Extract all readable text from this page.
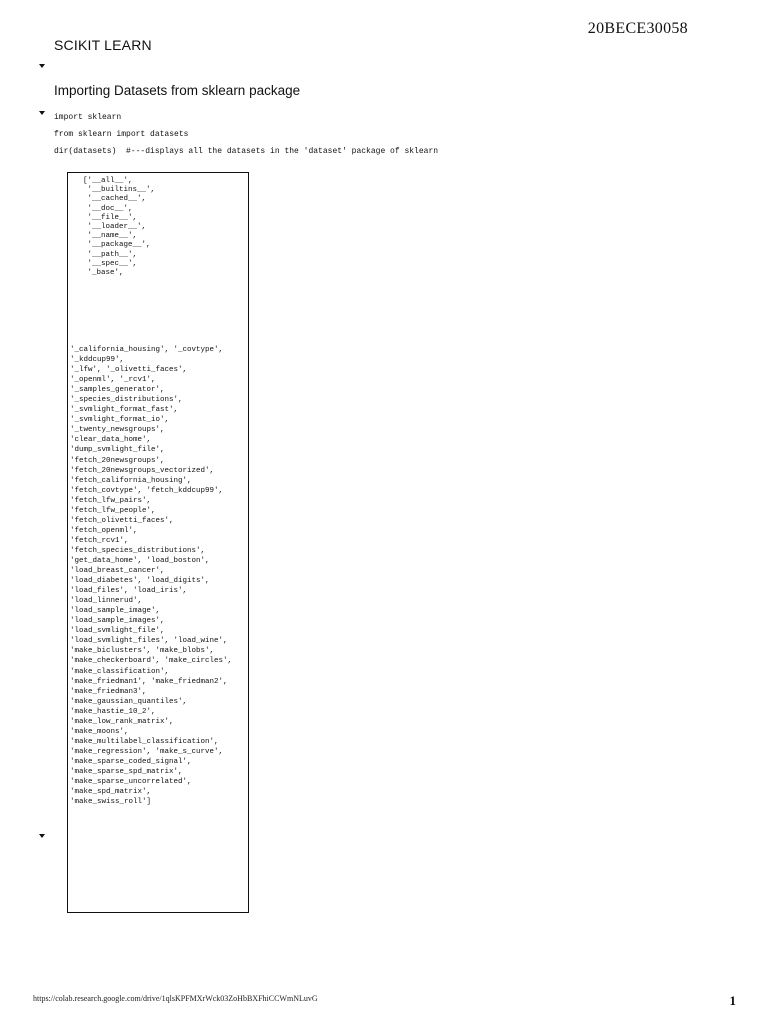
20BECE30058
SCIKIT LEARN
Importing Datasets from sklearn package
import sklearn
from sklearn import datasets
dir(datasets)  #---displays all the datasets in the 'dataset' package of sklearn
['__all__',
'__builtins__',
'__cached__',
'__doc__',
'__file__',
'__loader__',
'__name__',
'__package__',
'__path__',
'__spec__',
'_base',
'_california_housing', '_covtype',
'_kddcup99',
'_lfw', '_olivetti_faces',
'_openml', '_rcv1',
'_samples_generator',
'_species_distributions',
'_svmlight_format_fast',
'_svmlight_format_io',
'_twenty_newsgroups',
'clear_data_home',
'dump_svmlight_file',
'fetch_20newsgroups',
'fetch_20newsgroups_vectorized',
'fetch_california_housing',
'fetch_covtype', 'fetch_kddcup99',
'fetch_lfw_pairs',
'fetch_lfw_people',
'fetch_olivetti_faces',
'fetch_openml',
'fetch_rcv1',
'fetch_species_distributions',
'get_data_home', 'load_boston',
'load_breast_cancer',
'load_diabetes', 'load_digits',
'load_files', 'load_iris',
'load_linnerud',
'load_sample_image',
'load_sample_images',
'load_svmlight_file',
'load_svmlight_files', 'load_wine',
'make_biclusters', 'make_blobs',
'make_checkerboard', 'make_circles',
'make_classification',
'make_friedman1', 'make_friedman2',
'make_friedman3',
'make_gaussian_quantiles',
'make_hastie_10_2',
'make_low_rank_matrix',
'make_moons',
'make_multilabel_classification',
'make_regression', 'make_s_curve',
'make_sparse_coded_signal',
'make_sparse_spd_matrix',
'make_sparse_uncorrelated',
'make_spd_matrix',
'make_swiss_roll']
https://colab.research.google.com/drive/1qlsKPFMXrWck03ZoHbBXFhiCCWmNLuvG	1
